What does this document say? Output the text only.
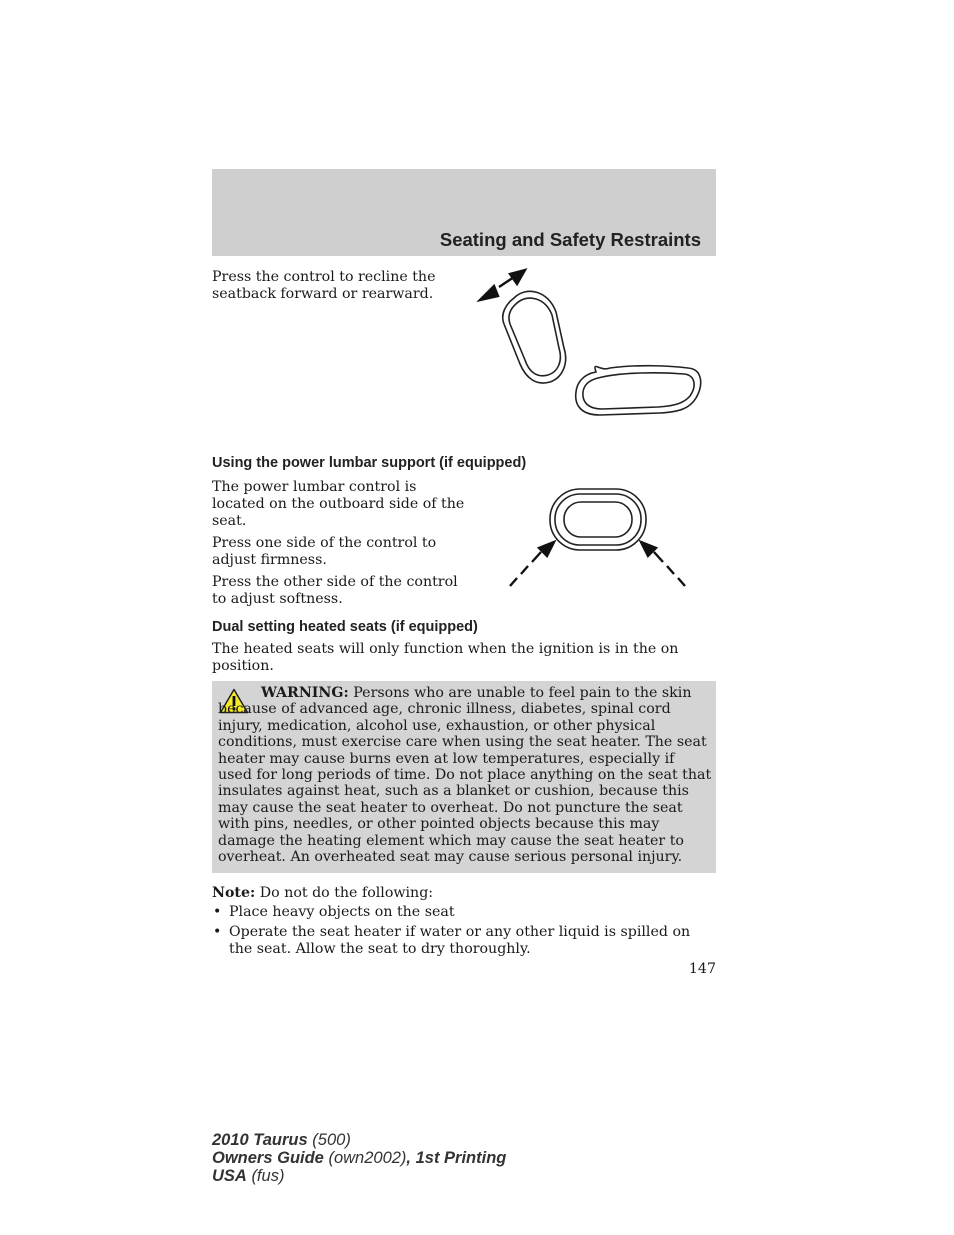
Seating and Safety Restraints

Press the control to recline the seatback forward or rearward.

Using the power lumbar support (if equipped)

The power lumbar control is located on the outboard side of the seat.

Press one side of the control to adjust firmness.

Press the other side of the control to adjust softness.

Dual setting heated seats (if equipped)

The heated seats will only function when the ignition is in the on position.

WARNING: Persons who are unable to feel pain to the skin because of advanced age, chronic illness, diabetes, spinal cord injury, medication, alcohol use, exhaustion, or other physical conditions, must exercise care when using the seat heater. The seat heater may cause burns even at low temperatures, especially if used for long periods of time. Do not place anything on the seat that insulates against heat, such as a blanket or cushion, because this may cause the seat heater to overheat. Do not puncture the seat with pins, needles, or other pointed objects because this may damage the heating element which may cause the seat heater to overheat. An overheated seat may cause serious personal injury.

Note: Do not do the following:

• Place heavy objects on the seat
• Operate the seat heater if water or any other liquid is spilled on the seat. Allow the seat to dry thoroughly.
147
2010 Taurus (500)
Owners Guide (own2002), 1st Printing
USA (fus)
